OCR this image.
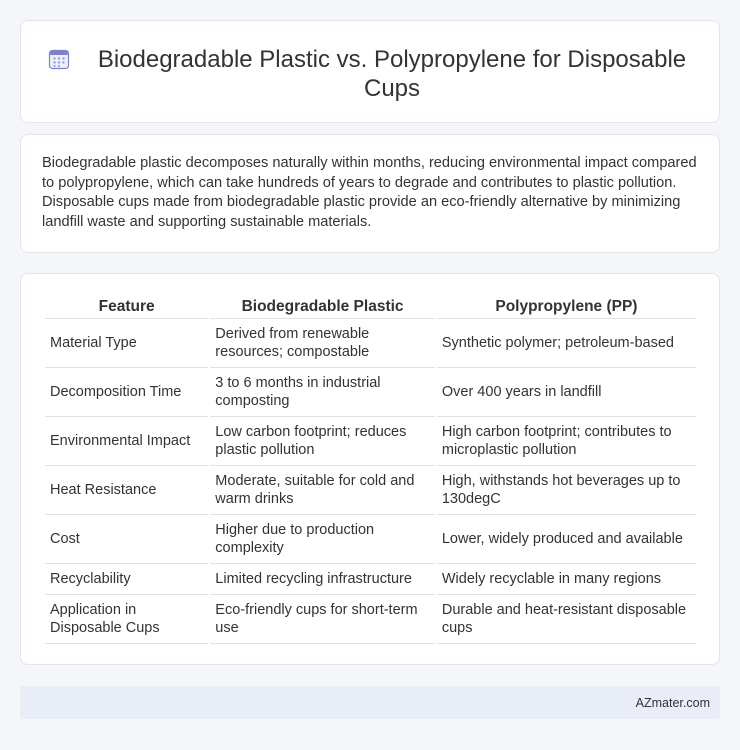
Biodegradable Plastic vs. Polypropylene for Disposable Cups

Biodegradable plastic decomposes naturally within months, reducing environmental impact compared to polypropylene, which can take hundreds of years to degrade and contributes to plastic pollution. Disposable cups made from biodegradable plastic provide an eco-friendly alternative by minimizing landfill waste and supporting sustainable materials.

Feature	Biodegradable Plastic	Polypropylene (PP)
Material Type	Derived from renewable resources; compostable	Synthetic polymer; petroleum-based
Decomposition Time	3 to 6 months in industrial composting	Over 400 years in landfill
Environmental Impact	Low carbon footprint; reduces plastic pollution	High carbon footprint; contributes to microplastic pollution
Heat Resistance	Moderate, suitable for cold and warm drinks	High, withstands hot beverages up to 130degC
Cost	Higher due to production complexity	Lower, widely produced and available
Recyclability	Limited recycling infrastructure	Widely recyclable in many regions
Application in Disposable Cups	Eco-friendly cups for short-term use	Durable and heat-resistant disposable cups
AZmater.com
